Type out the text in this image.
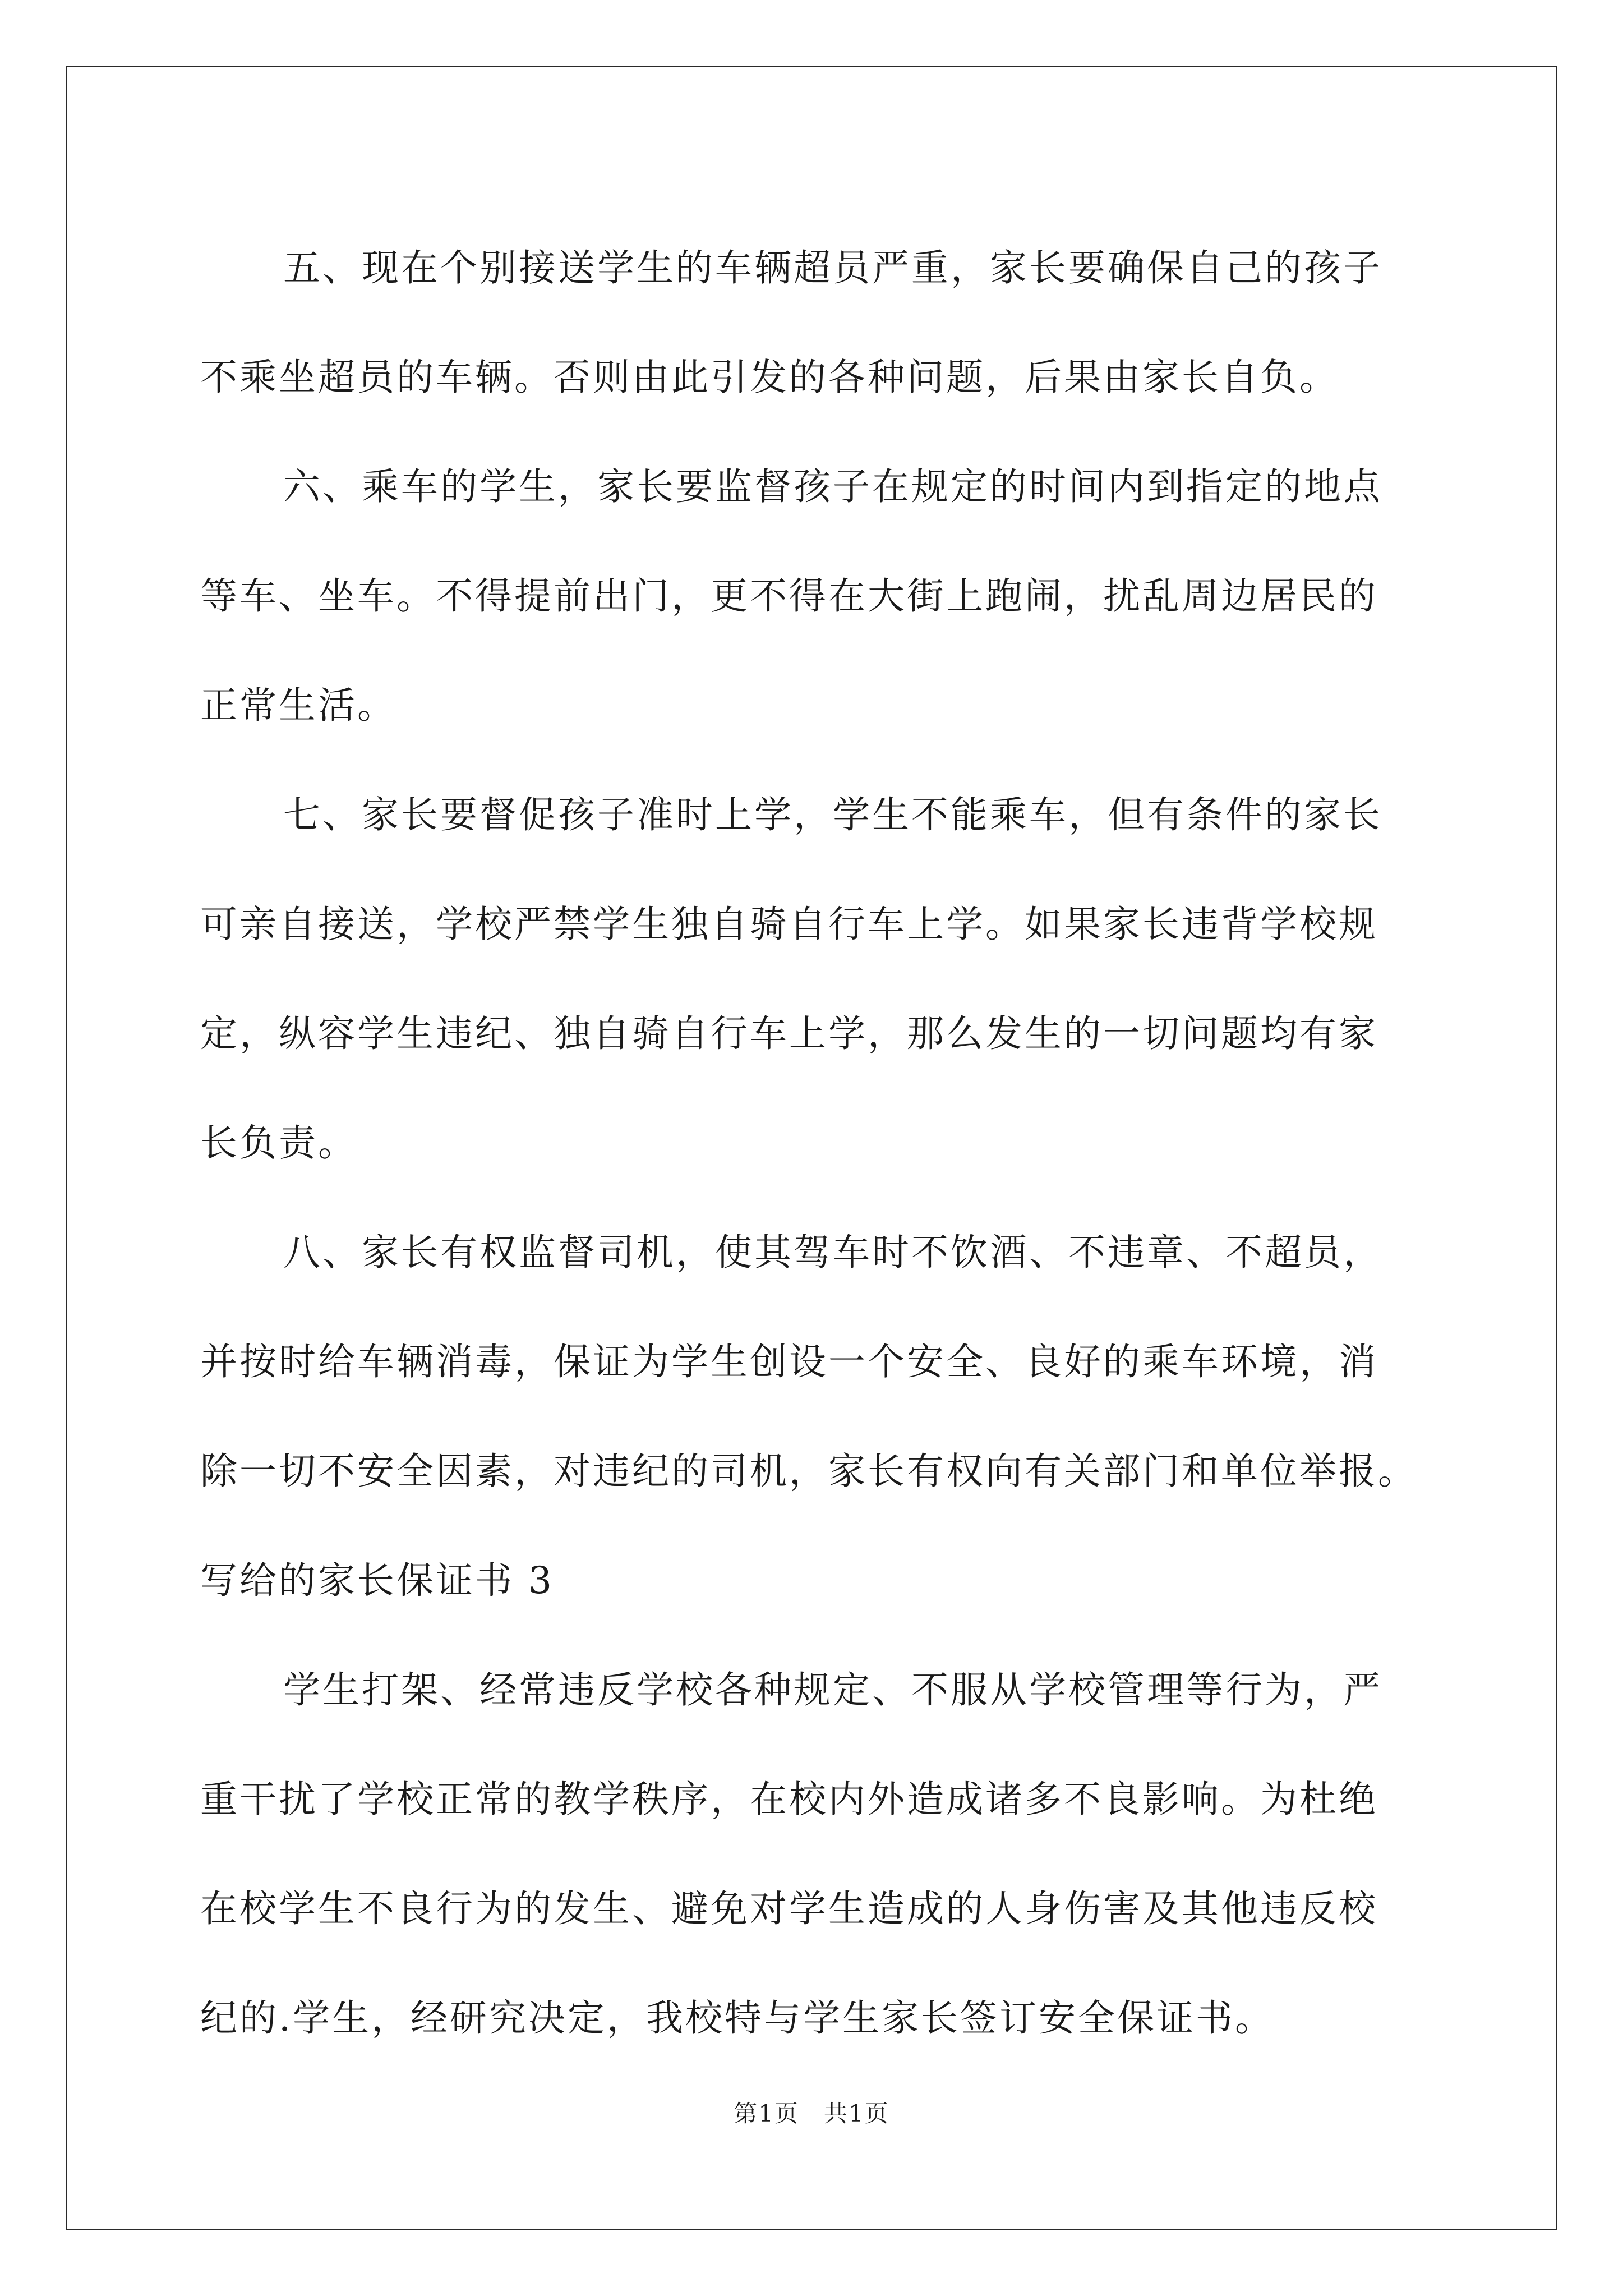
五、现在个别接送学生的车辆超员严重，家长要确保自己的孩子
不乘坐超员的车辆。否则由此引发的各种问题，后果由家长自负。

六、乘车的学生，家长要监督孩子在规定的时间内到指定的地点
等车、坐车。不得提前出门，更不得在大街上跑闹，扰乱周边居民的
正常生活。

七、家长要督促孩子准时上学，学生不能乘车，但有条件的家长
可亲自接送，学校严禁学生独自骑自行车上学。如果家长违背学校规
定，纵容学生违纪、独自骑自行车上学，那么发生的一切问题均有家
长负责。

八、家长有权监督司机，使其驾车时不饮酒、不违章、不超员，
并按时给车辆消毒，保证为学生创设一个安全、良好的乘车环境，消
除一切不安全因素，对违纪的司机，家长有权向有关部门和单位举报。

写给的家长保证书 3

学生打架、经常违反学校各种规定、不服从学校管理等行为，严
重干扰了学校正常的教学秩序，在校内外造成诸多不良影响。为杜绝
在校学生不良行为的发生、避免对学生造成的人身伤害及其他违反校
纪的.学生，经研究决定，我校特与学生家长签订安全保证书。

第1页　共1页
